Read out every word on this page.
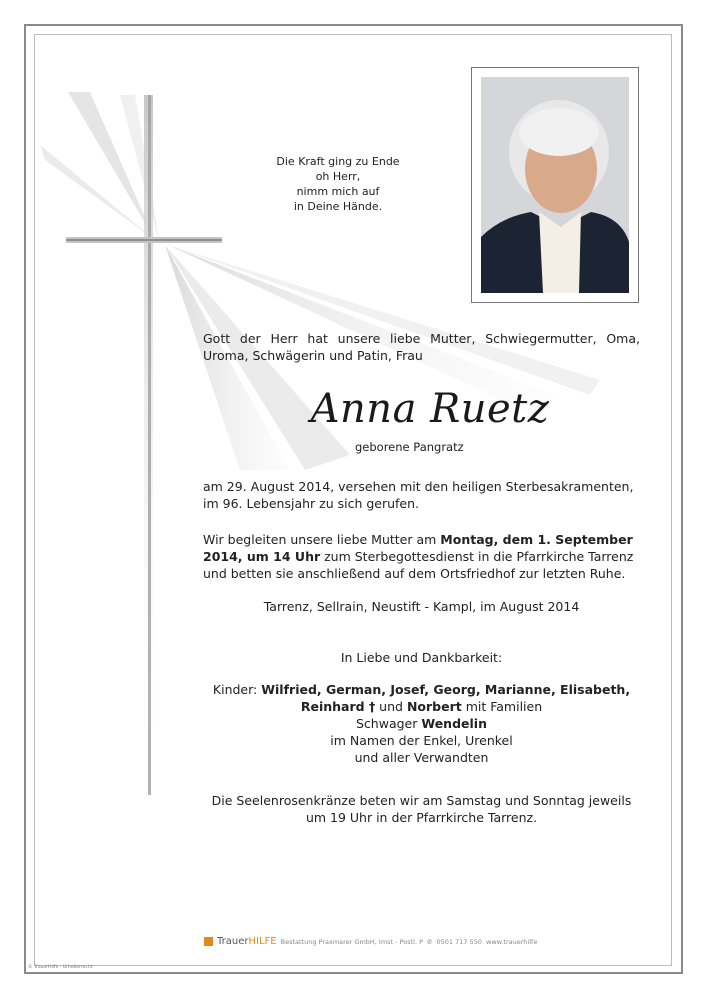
Die Kraft ging zu Ende
oh Herr,
nimm mich auf
in Deine Hände.
Gott der Herr hat unsere liebe Mutter, Schwiegermutter, Oma, Uroma, Schwägerin und Patin, Frau
Anna Ruetz
geborene Pangratz
am 29. August 2014, versehen mit den heiligen Sterbesakramenten,
im 96. Lebensjahr zu sich gerufen.
Wir begleiten unsere liebe Mutter am Montag, dem 1. September 2014, um 14 Uhr zum Sterbegottesdienst in die Pfarrkirche Tarrenz und betten sie anschließend auf dem Ortsfriedhof zur letzten Ruhe.
Tarrenz, Sellrain, Neustift - Kampl, im August 2014
In Liebe und Dankbarkeit:
Kinder: Wilfried, German, Josef, Georg, Marianne, Elisabeth,
Reinhard † und Norbert mit Familien
Schwager Wendelin
im Namen der Enkel, Urenkel
und aller Verwandten
Die Seelenrosenkränze beten wir am Samstag und Sonntag jeweils
um 19 Uhr in der Pfarrkirche Tarrenz.
TrauerHILFE Bestattung Praxmarer GmbH, Imst - Postl. P ✆ 0501 717 550 www.trauerhilfe
© TrauerHilfe - Urheberrecht
